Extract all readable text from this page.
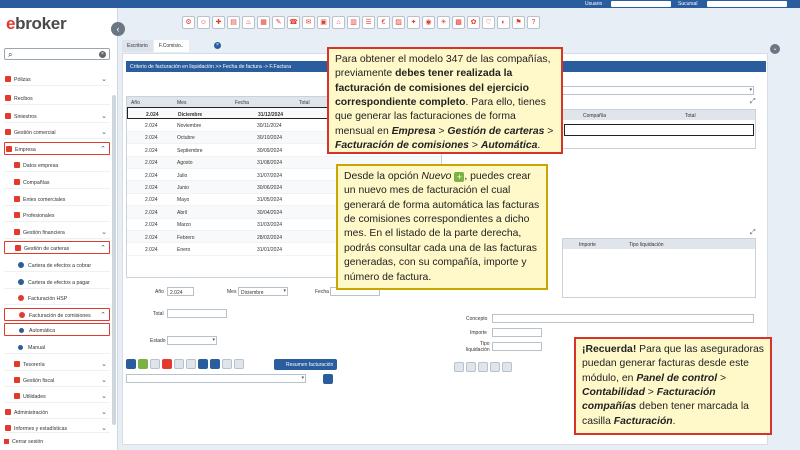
Usuario	Sucursal
ebroker
⌕	×
‹
Pólizas	⌄
Recibos
Siniestros	⌄
Gestión comercial	⌄
Empresa	⌃
Datos empresa
Compañías
Entes comerciales
Profesionales
Gestión financiera	⌄
Gestión de carteras	⌃
Cartera de efectos a cobrar
Cartera de efectos a pagar
Facturación HSP
Facturación de comisiones ⌃
Automática
Manual
Tesorería	⌄
Gestión fiscal	⌄
Utilidades	⌄
Administración	⌄
Informes y estadísticas	⌄
Cerrar sesión
⚙	☺	✚	▤	♨	▦	✎	☎	✉	▣	⌂	▥	☰	€	▨	✦	◉	☀	▩	✿	♡	◐	⚑	?
Escritorio	F.Comisio..	×
⌄
Criterio de facturación en liquidación >> Fecha de factura -> F.Factura
Año	Mes	Fecha	Total
2.024	Diciembre	31/12/2024
2.024	Noviembre	30/11/2024
2.024	Octubre	30/10/2024
2.024	Septiembre	30/09/2024
2.024	Agosto	31/08/2024
2.024	Julio	31/07/2024
2.024	Junio	30/06/2024
2.024	Mayo	31/05/2024
2.024	Abril	30/04/2024
2.024	Marzo	31/03/2024
2.024	Febrero	28/02/2024
2.024	Enero	31/01/2024
Año	2.024	Mes Diciembre	▾	Fecha
Total
Estado	▾
Resumen facturación
▾
▾
⤢
Compañía	Total
⤢
Importe	Tipo liquidación
Concepto
Importe
Tipo
liquidación
Para obtener el modelo 347 de las compañías, previamente debes tener realizada la facturación de comisiones del ejercicio correspondiente completo. Para ello, tienes que generar las facturaciones de forma mensual en Empresa > Gestión de carteras > Facturación de comisiones > Automática.
Desde la opción Nuevo + , puedes crear un nuevo mes de facturación el cual generará de forma automática las facturas de comisiones correspondientes a dicho mes. En el listado de la parte derecha, podrás consultar cada una de las facturas generadas, con su compañía, importe y número de factura.
¡Recuerda! Para que las aseguradoras puedan generar facturas desde este módulo, en Panel de control > Contabilidad > Facturación compañías deben tener marcada la casilla Facturación.
